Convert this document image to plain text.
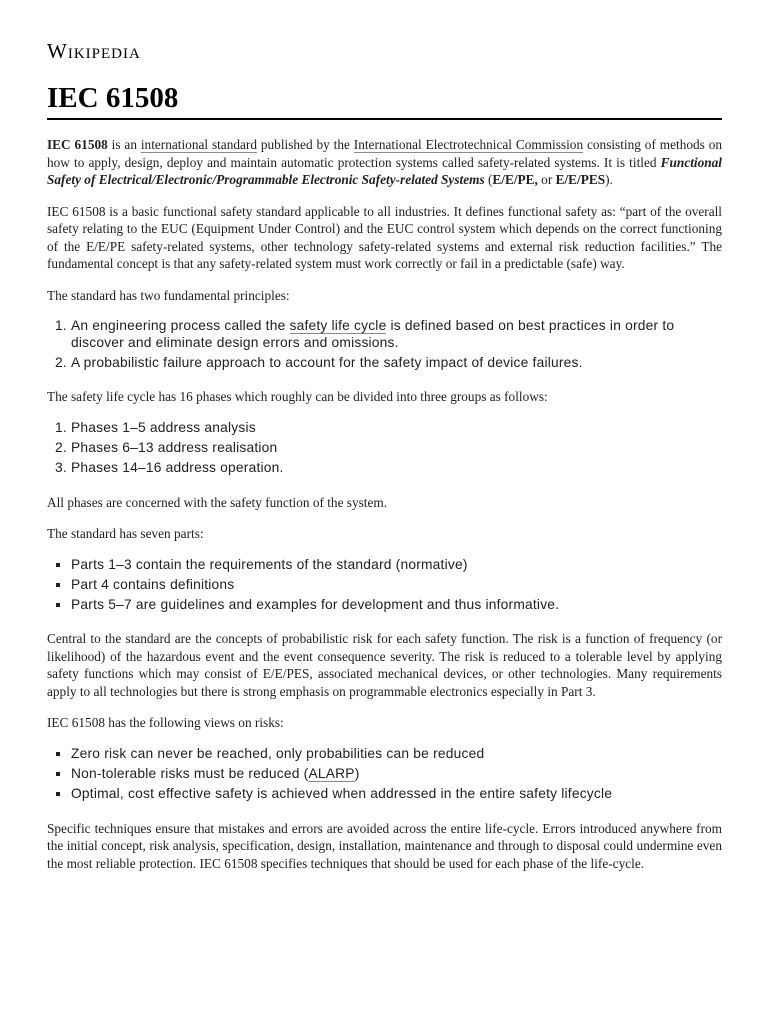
Wikipedia
IEC 61508

IEC 61508 is an international standard published by the International Electrotechnical Commission consisting of methods on how to apply, design, deploy and maintain automatic protection systems called safety-related systems. It is titled Functional Safety of Electrical/Electronic/Programmable Electronic Safety-related Systems (E/E/PE, or E/E/PES).

IEC 61508 is a basic functional safety standard applicable to all industries. It defines functional safety as: “part of the overall safety relating to the EUC (Equipment Under Control) and the EUC control system which depends on the correct functioning of the E/E/PE safety-related systems, other technology safety-related systems and external risk reduction facilities.” The fundamental concept is that any safety-related system must work correctly or fail in a predictable (safe) way.

The standard has two fundamental principles:

1. An engineering process called the safety life cycle is defined based on best practices in order to discover and eliminate design errors and omissions.
2. A probabilistic failure approach to account for the safety impact of device failures.

The safety life cycle has 16 phases which roughly can be divided into three groups as follows:

1. Phases 1–5 address analysis
2. Phases 6–13 address realisation
3. Phases 14–16 address operation.

All phases are concerned with the safety function of the system.

The standard has seven parts:

▪ Parts 1–3 contain the requirements of the standard (normative)
▪ Part 4 contains definitions
▪ Parts 5–7 are guidelines and examples for development and thus informative.

Central to the standard are the concepts of probabilistic risk for each safety function. The risk is a function of frequency (or likelihood) of the hazardous event and the event consequence severity. The risk is reduced to a tolerable level by applying safety functions which may consist of E/E/PES, associated mechanical devices, or other technologies. Many requirements apply to all technologies but there is strong emphasis on programmable electronics especially in Part 3.

IEC 61508 has the following views on risks:

▪ Zero risk can never be reached, only probabilities can be reduced
▪ Non-tolerable risks must be reduced (ALARP)
▪ Optimal, cost effective safety is achieved when addressed in the entire safety lifecycle

Specific techniques ensure that mistakes and errors are avoided across the entire life-cycle. Errors introduced anywhere from the initial concept, risk analysis, specification, design, installation, maintenance and through to disposal could undermine even the most reliable protection. IEC 61508 specifies techniques that should be used for each phase of the life-cycle.
